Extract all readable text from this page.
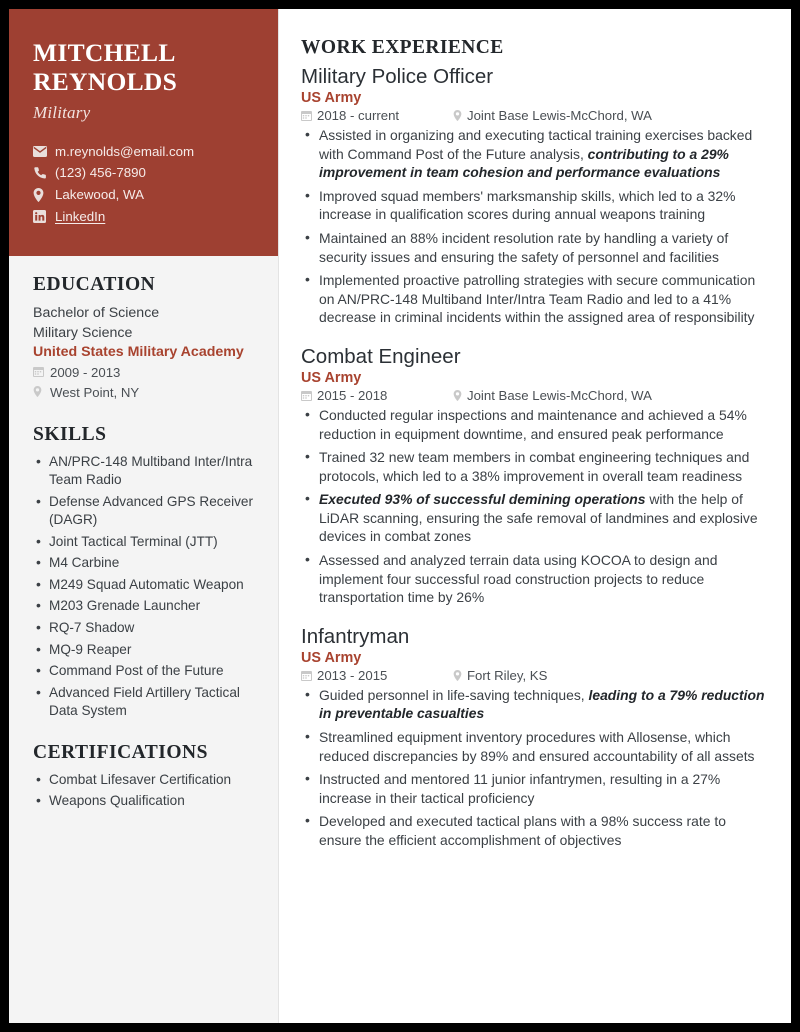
MITCHELL
REYNOLDS
Military
m.reynolds@email.com
(123) 456-7890
Lakewood, WA
LinkedIn
EDUCATION
Bachelor of Science
Military Science
United States Military Academy
2009 - 2013
West Point, NY
SKILLS
• AN/PRC-148 Multiband Inter/Intra Team Radio
• Defense Advanced GPS Receiver (DAGR)
• Joint Tactical Terminal (JTT)
• M4 Carbine
• M249 Squad Automatic Weapon
• M203 Grenade Launcher
• RQ-7 Shadow
• MQ-9 Reaper
• Command Post of the Future
• Advanced Field Artillery Tactical Data System
CERTIFICATIONS
• Combat Lifesaver Certification
• Weapons Qualification
WORK EXPERIENCE
Military Police Officer
US Army
2018 - current	Joint Base Lewis-McChord, WA
• Assisted in organizing and executing tactical training exercises backed with Command Post of the Future analysis, contributing to a 29% improvement in team cohesion and performance evaluations
• Improved squad members' marksmanship skills, which led to a 32% increase in qualification scores during annual weapons training
• Maintained an 88% incident resolution rate by handling a variety of security issues and ensuring the safety of personnel and facilities
• Implemented proactive patrolling strategies with secure communication on AN/PRC-148 Multiband Inter/Intra Team Radio and led to a 41% decrease in criminal incidents within the assigned area of responsibility
Combat Engineer
US Army
2015 - 2018	Joint Base Lewis-McChord, WA
• Conducted regular inspections and maintenance and achieved a 54% reduction in equipment downtime, and ensured peak performance
• Trained 32 new team members in combat engineering techniques and protocols, which led to a 38% improvement in overall team readiness
• Executed 93% of successful demining operations with the help of LiDAR scanning, ensuring the safe removal of landmines and explosive devices in combat zones
• Assessed and analyzed terrain data using KOCOA to design and implement four successful road construction projects to reduce transportation time by 26%
Infantryman
US Army
2013 - 2015	Fort Riley, KS
• Guided personnel in life-saving techniques, leading to a 79% reduction in preventable casualties
• Streamlined equipment inventory procedures with Allosense, which reduced discrepancies by 89% and ensured accountability of all assets
• Instructed and mentored 11 junior infantrymen, resulting in a 27% increase in their tactical proficiency
• Developed and executed tactical plans with a 98% success rate to ensure the efficient accomplishment of objectives
